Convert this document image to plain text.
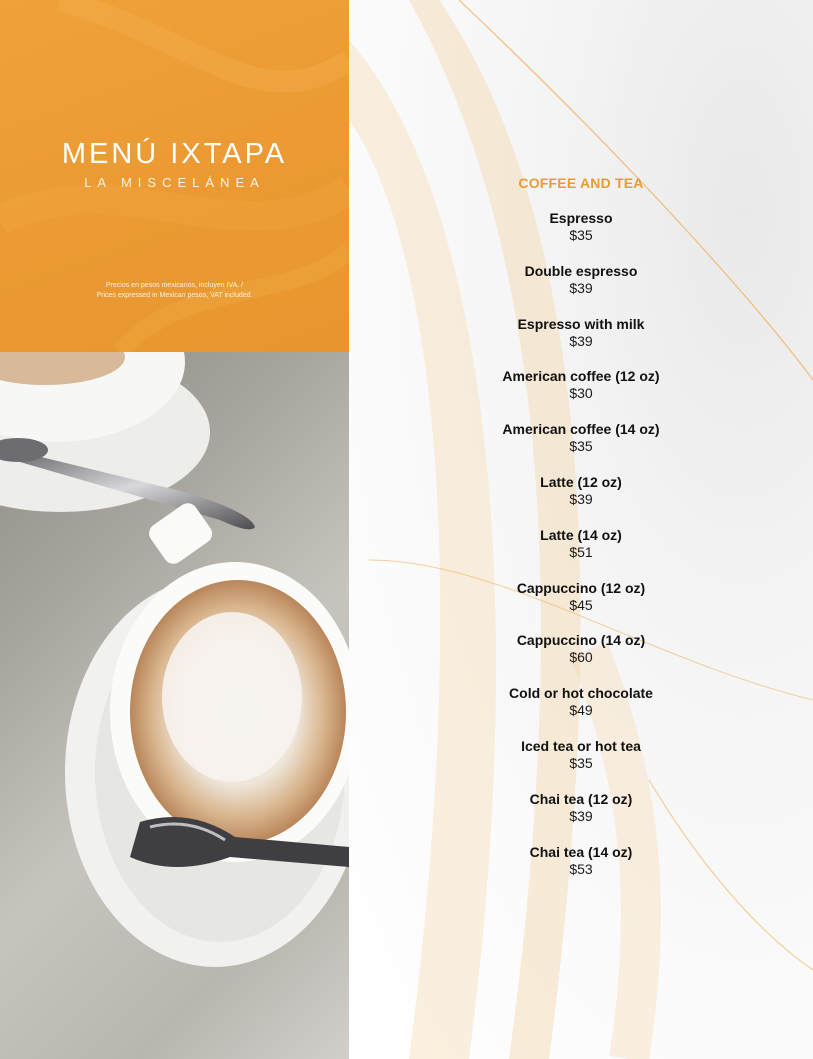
MENÚ IXTAPA
LA MISCELÁNEA
Precios en pesos mexicanos, incluyen IVA. /
Prices expressed in Mexican pesos, VAT included.
COFFEE AND TEA
Espresso
$35
Double espresso
$39
Espresso with milk
$39
American coffee (12 oz)
$30
American coffee (14 oz)
$35
Latte (12 oz)
$39
Latte (14 oz)
$51
Cappuccino (12 oz)
$45
Cappuccino (14 oz)
$60
Cold or hot chocolate
$49
Iced tea or hot tea
$35
Chai tea (12 oz)
$39
Chai tea (14 oz)
$53
